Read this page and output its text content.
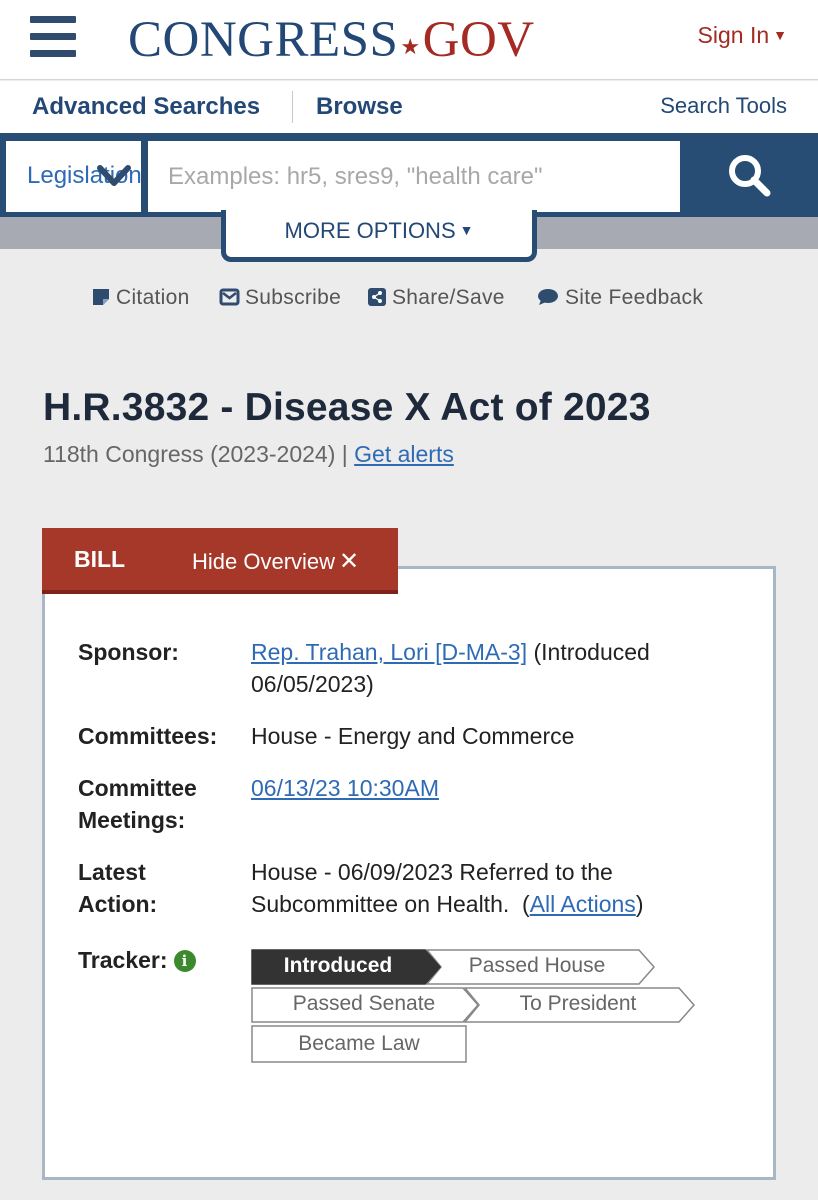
CONGRESS★GOV	Sign In ▼
Advanced Searches Browse	Search Tools
Legislation
Examples: hr5, sres9, "health care"
MORE OPTIONS ▼
Citation	Subscribe	Share/Save	Site Feedback
H.R.3832 - Disease X Act of 2023
118th Congress (2023-2024) | Get alerts
BILL	Hide Overview ✕
Sponsor:	Rep. Trahan, Lori [D-MA-3] (Introduced 06/05/2023)
Committees: House - Energy and Commerce
Committee Meetings:
06/13/23 10:30AM
Latest Action:
House - 06/09/2023 Referred to the Subcommittee on Health.  (All Actions)
Tracker: i	Introduced	Passed House
Passed Senate	To President
Became Law
